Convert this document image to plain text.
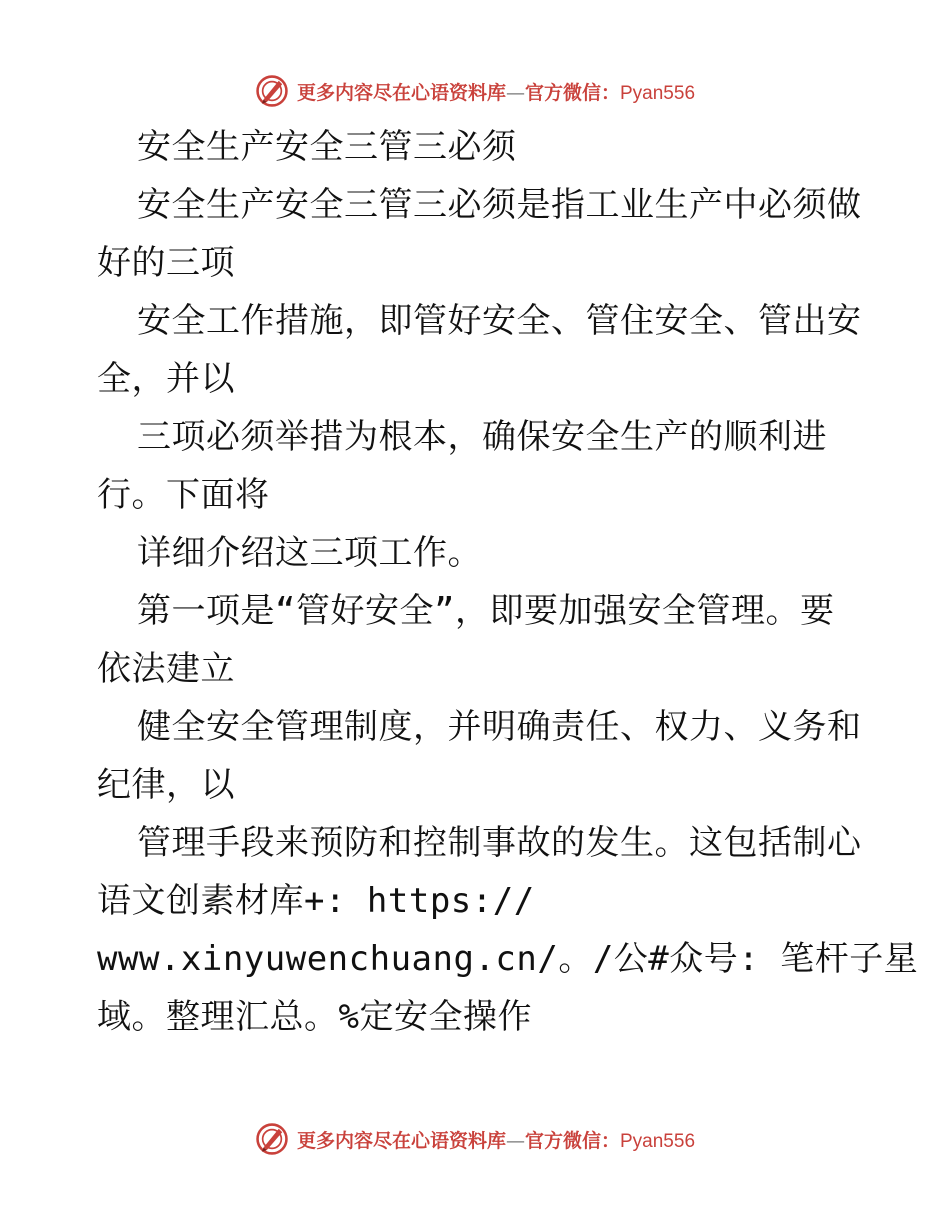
更多内容尽在心语资料库—官方微信：Pyan556
安全生产安全三管三必须
安全生产安全三管三必须是指工业生产中必须做
好的三项
安全工作措施，即管好安全、管住安全、管出安
全，并以
三项必须举措为根本，确保安全生产的顺利进
行。下面将
详细介绍这三项工作。
第一项是“管好安全”，即要加强安全管理。要
依法建立
健全安全管理制度，并明确责任、权力、义务和
纪律，以
管理手段来预防和控制事故的发生。这包括制心
语文创素材库+: https://
www.xinyuwenchuang.cn/。/公#众号: 笔杆子星
域。整理汇总。%定安全操作
更多内容尽在心语资料库—官方微信：Pyan556
